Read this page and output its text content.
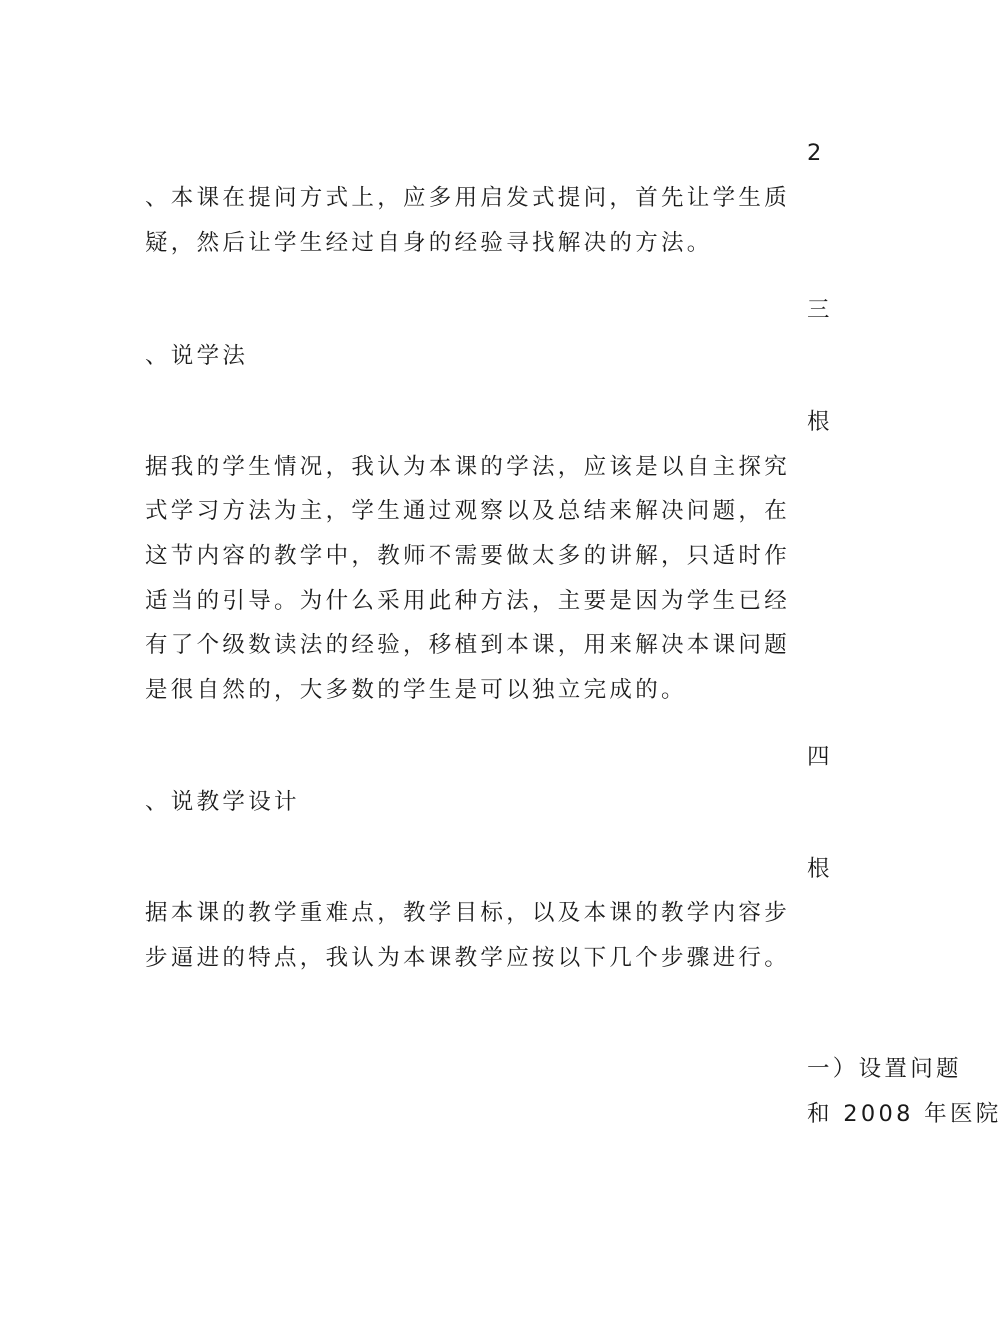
2
、本课在提问方式上，应多用启发式提问，首先让学生质
疑，然后让学生经过自身的经验寻找解决的方法。
三
、说学法
根
据我的学生情况，我认为本课的学法，应该是以自主探究
式学习方法为主，学生通过观察以及总结来解决问题，在
这节内容的教学中，教师不需要做太多的讲解，只适时作
适当的引导。为什么采用此种方法，主要是因为学生已经
有了个级数读法的经验，移植到本课，用来解决本课问题
是很自然的，大多数的学生是可以独立完成的。
四
、说教学设计
根
据本课的教学重难点，教学目标，以及本课的教学内容步
步逼进的特点，我认为本课教学应按以下几个步骤进行。
一）设置问题
和 2008 年医院
